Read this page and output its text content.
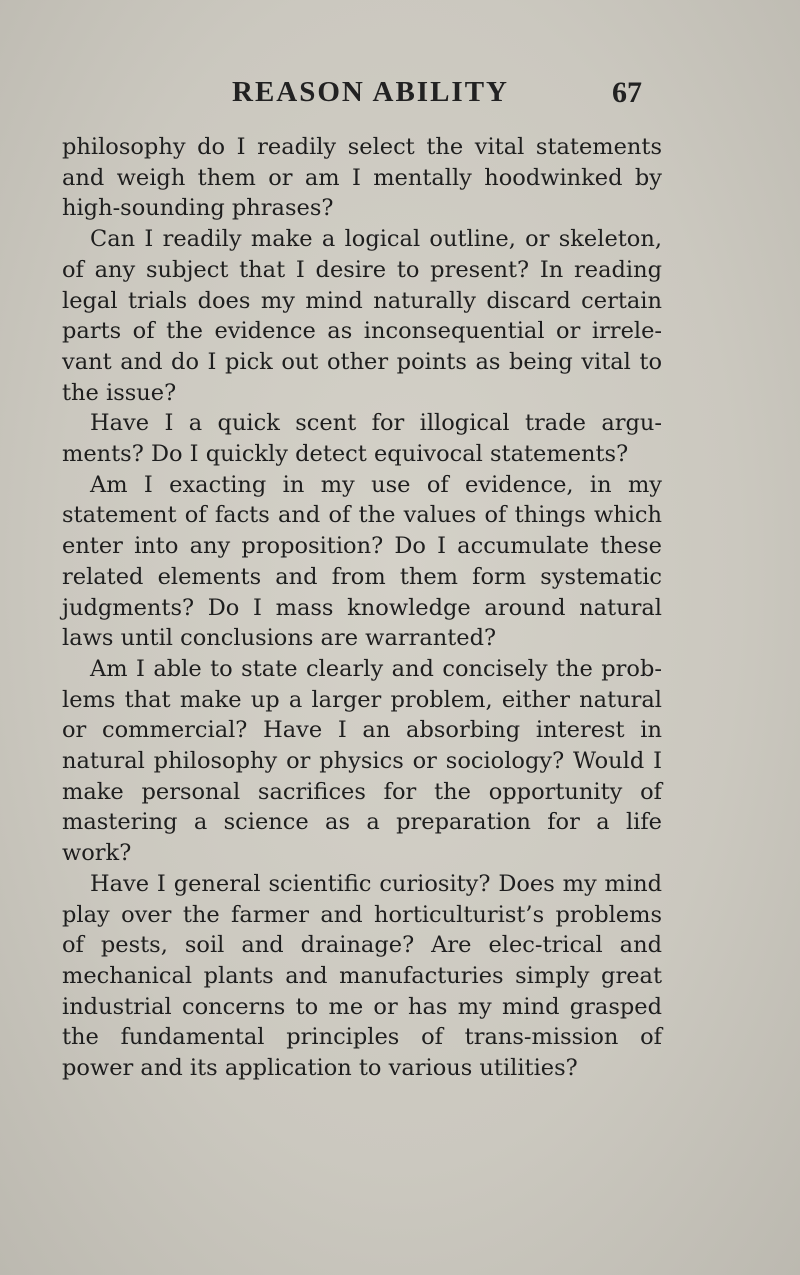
REASON ABILITY	67

philosophy do I readily select the vital statements and weigh them or am I mentally hoodwinked by high-sounding phrases?

Can I readily make a logical outline, or skeleton, of any subject that I desire to present? In reading legal trials does my mind naturally discard certain parts of the evidence as inconsequential or irrele-vant and do I pick out other points as being vital to the issue?

Have I a quick scent for illogical trade argu-ments? Do I quickly detect equivocal statements?

Am I exacting in my use of evidence, in my statement of facts and of the values of things which enter into any proposition? Do I accumulate these related elements and from them form systematic judgments? Do I mass knowledge around natural laws until conclusions are warranted?

Am I able to state clearly and concisely the prob-lems that make up a larger problem, either natural or commercial? Have I an absorbing interest in natural philosophy or physics or sociology? Would I make personal sacrifices for the opportunity of mastering a science as a preparation for a life work?

Have I general scientific curiosity? Does my mind play over the farmer and horticulturist’s problems of pests, soil and drainage? Are elec-trical and mechanical plants and manufacturies simply great industrial concerns to me or has my mind grasped the fundamental principles of trans-mission of power and its application to various utilities?
